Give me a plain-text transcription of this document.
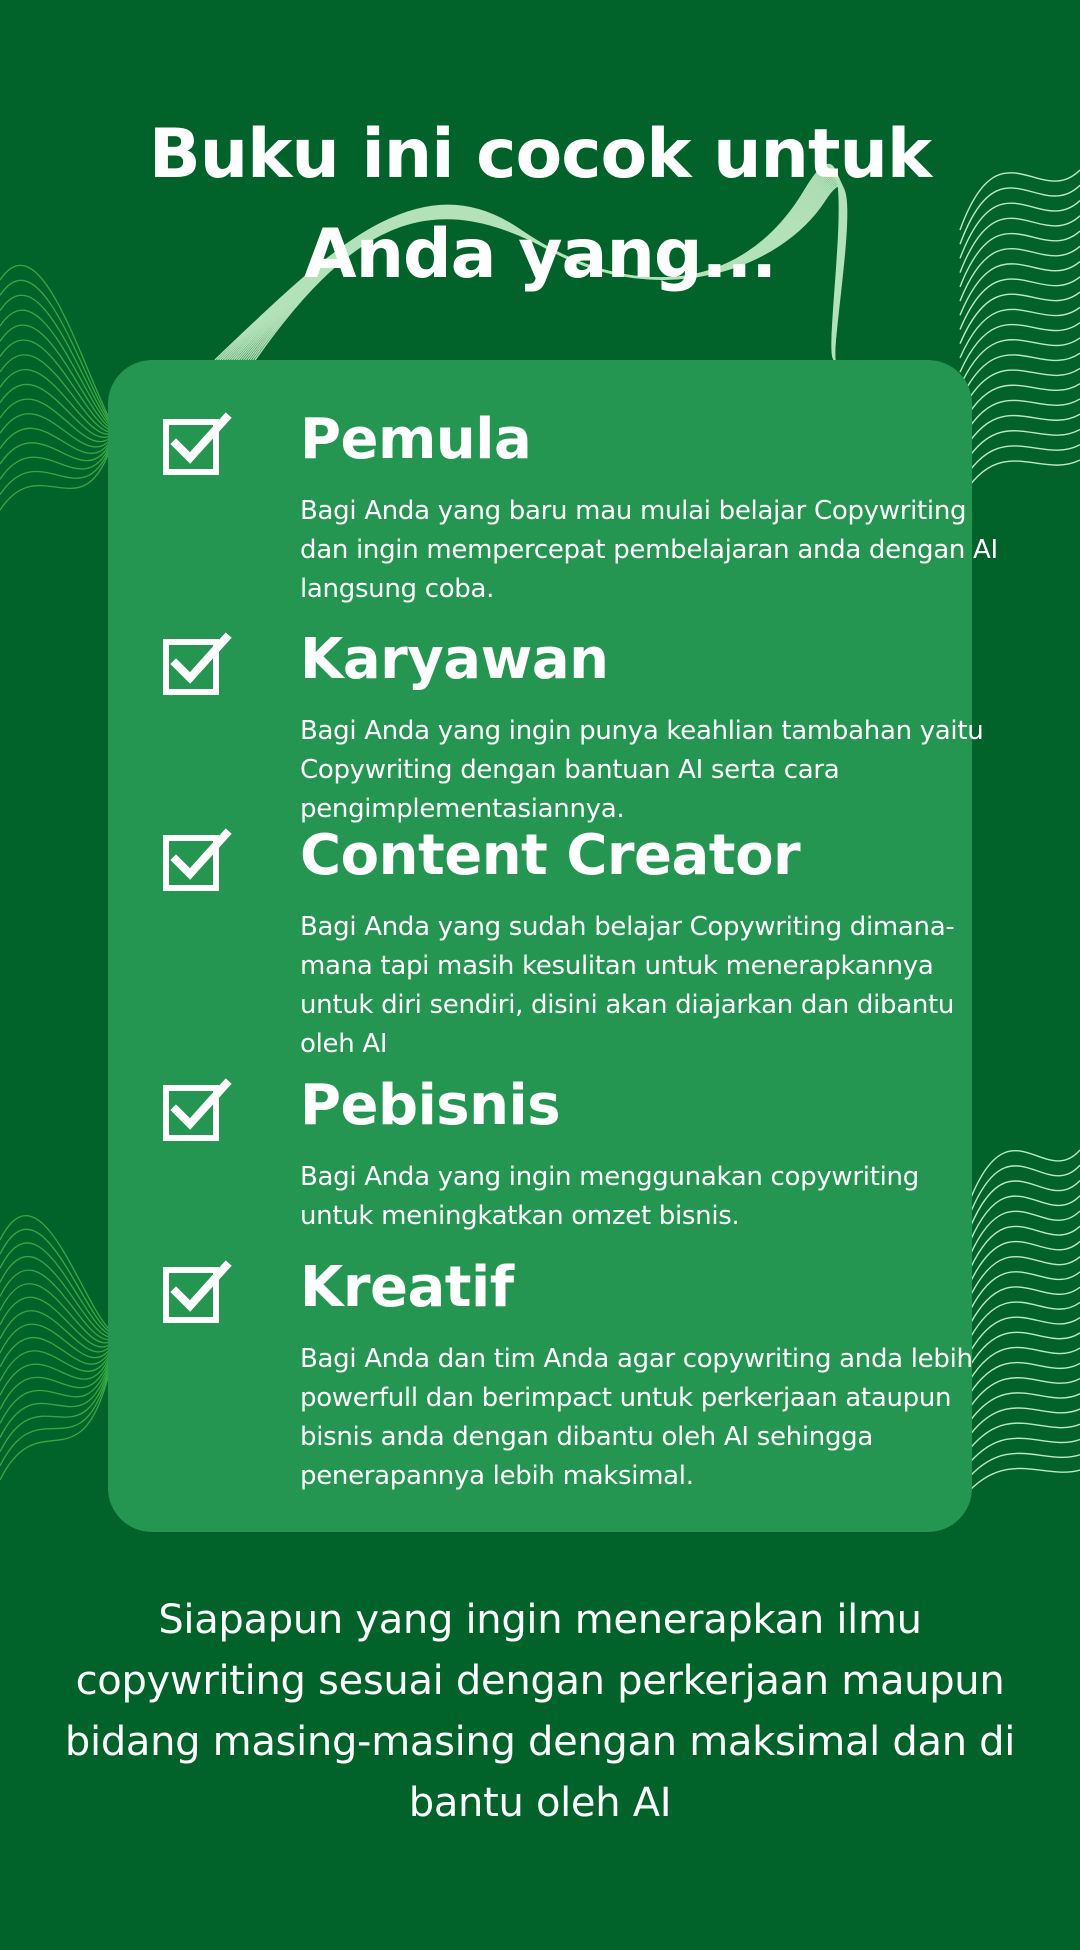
Buku ini cocok untuk
Anda yang...
Pemula
Bagi Anda yang baru mau mulai belajar Copywriting dan ingin mempercepat pembelajaran anda dengan AI langsung coba.
Karyawan
Bagi Anda yang ingin punya keahlian tambahan yaitu Copywriting dengan bantuan AI serta cara pengimplementasiannya.
Content Creator
Bagi Anda yang sudah belajar Copywriting dimana-mana tapi masih kesulitan untuk menerapkannya untuk diri sendiri, disini akan diajarkan dan dibantu oleh AI
Pebisnis
Bagi Anda yang ingin menggunakan copywriting untuk meningkatkan omzet bisnis.
Kreatif
Bagi Anda dan tim Anda agar copywriting anda lebih powerfull dan berimpact untuk perkerjaan ataupun bisnis anda dengan dibantu oleh AI sehingga penerapannya lebih maksimal.

Siapapun yang ingin menerapkan ilmu copywriting sesuai dengan perkerjaan maupun bidang masing-masing dengan maksimal dan di bantu oleh AI
